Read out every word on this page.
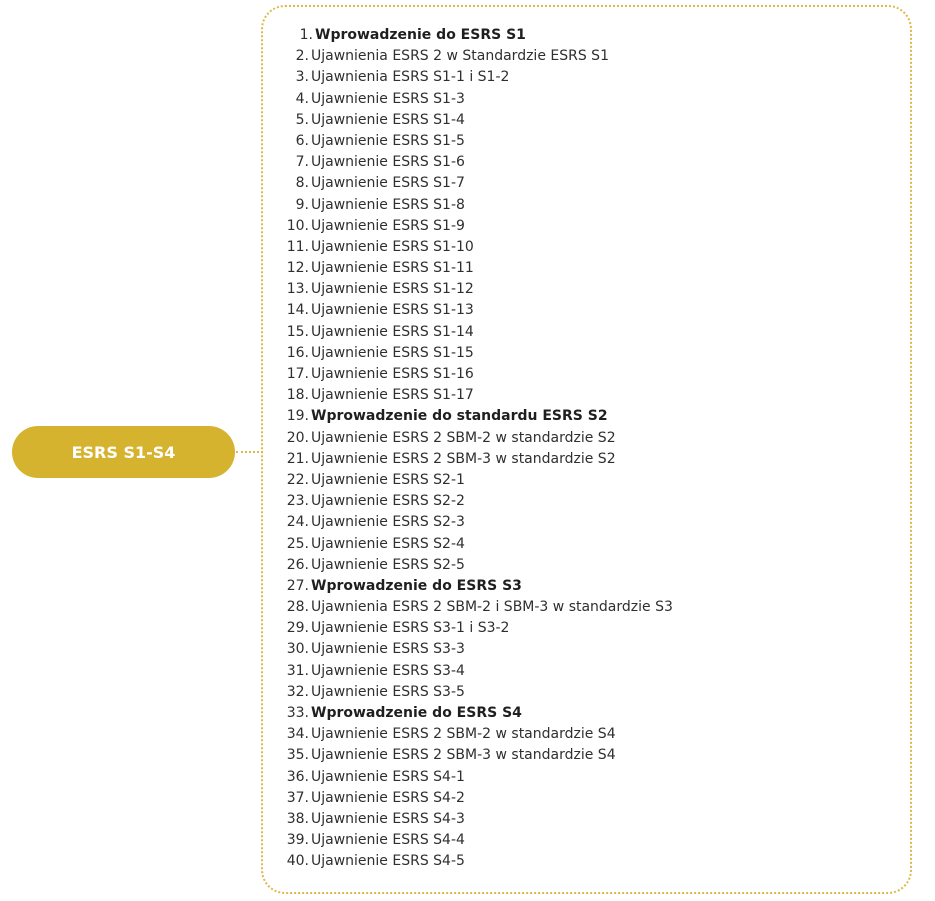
ESRS S1-S4
1. Wprowadzenie do ESRS S1
2. Ujawnienia ESRS 2 w Standardzie ESRS S1
3. Ujawnienia ESRS S1-1 i S1-2
4. Ujawnienie ESRS S1-3
5. Ujawnienie ESRS S1-4
6. Ujawnienie ESRS S1-5
7. Ujawnienie ESRS S1-6
8. Ujawnienie ESRS S1-7
9. Ujawnienie ESRS S1-8
10. Ujawnienie ESRS S1-9
11. Ujawnienie ESRS S1-10
12. Ujawnienie ESRS S1-11
13. Ujawnienie ESRS S1-12
14. Ujawnienie ESRS S1-13
15. Ujawnienie ESRS S1-14
16. Ujawnienie ESRS S1-15
17. Ujawnienie ESRS S1-16
18. Ujawnienie ESRS S1-17
19. Wprowadzenie do standardu ESRS S2
20. Ujawnienie ESRS 2 SBM-2 w standardzie S2
21. Ujawnienie ESRS 2 SBM-3 w standardzie S2
22. Ujawnienie ESRS S2-1
23. Ujawnienie ESRS S2-2
24. Ujawnienie ESRS S2-3
25. Ujawnienie ESRS S2-4
26. Ujawnienie ESRS S2-5
27. Wprowadzenie do ESRS S3
28. Ujawnienia ESRS 2 SBM-2 i SBM-3 w standardzie S3
29. Ujawnienie ESRS S3-1 i S3-2
30. Ujawnienie ESRS S3-3
31. Ujawnienie ESRS S3-4
32. Ujawnienie ESRS S3-5
33. Wprowadzenie do ESRS S4
34. Ujawnienie ESRS 2 SBM-2 w standardzie S4
35. Ujawnienie ESRS 2 SBM-3 w standardzie S4
36. Ujawnienie ESRS S4-1
37. Ujawnienie ESRS S4-2
38. Ujawnienie ESRS S4-3
39. Ujawnienie ESRS S4-4
40. Ujawnienie ESRS S4-5
